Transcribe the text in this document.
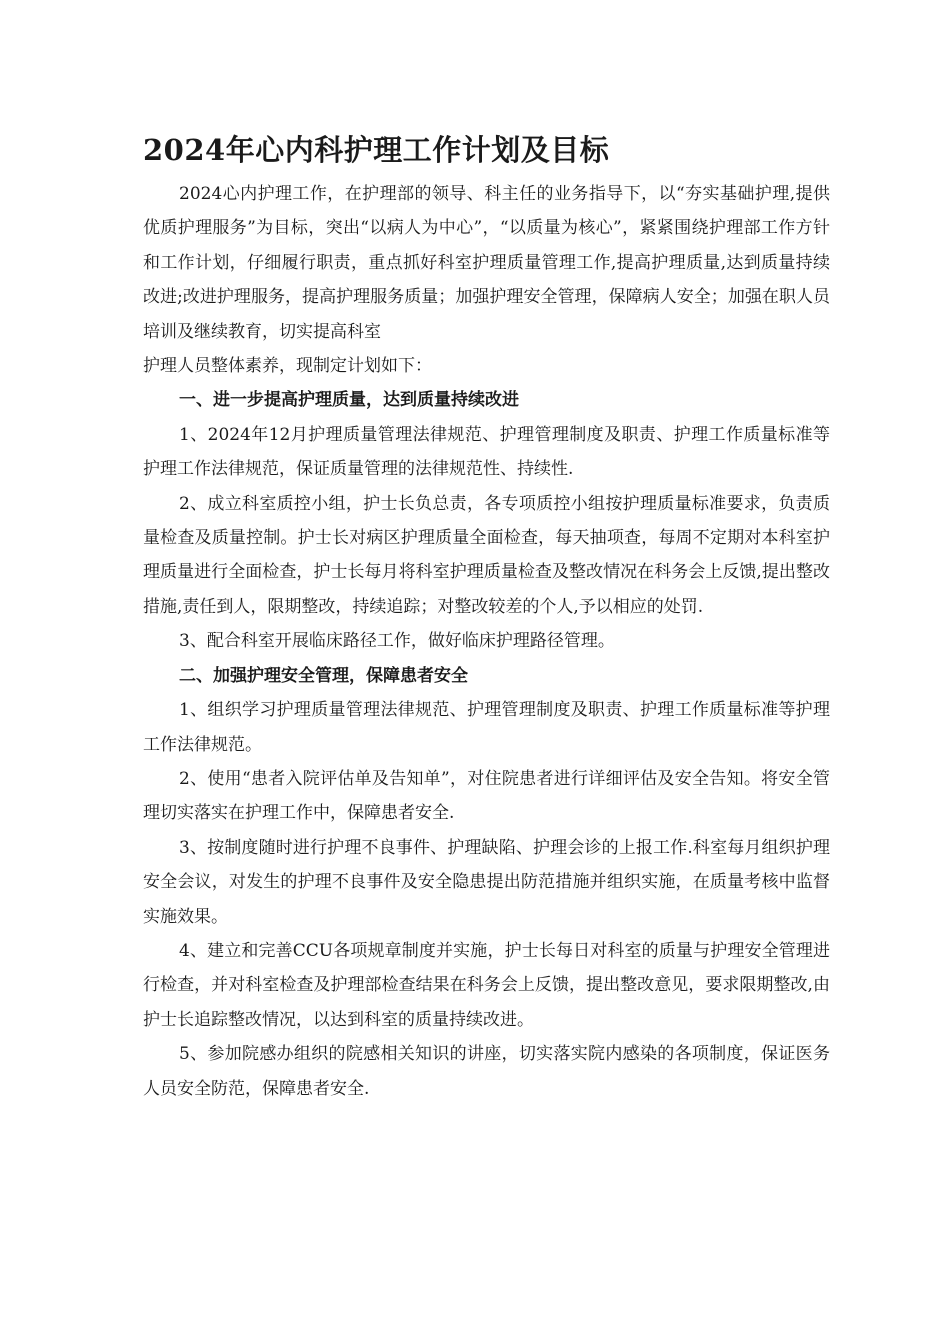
2024年心内科护理工作计划及目标

2024心内护理工作，在护理部的领导、科主任的业务指导下，以“夯实基础护理,提供优质护理服务”为目标，突出“以病人为中心”，“以质量为核心”，紧紧围绕护理部工作方针和工作计划，仔细履行职责，重点抓好科室护理质量管理工作,提高护理质量,达到质量持续改进;改进护理服务，提高护理服务质量；加强护理安全管理，保障病人安全；加强在职人员培训及继续教育，切实提高科室

护理人员整体素养，现制定计划如下：

一、进一步提高护理质量，达到质量持续改进

1、2024年12月护理质量管理法律规范、护理管理制度及职责、护理工作质量标准等护理工作法律规范，保证质量管理的法律规范性、持续性.

2、成立科室质控小组，护士长负总责，各专项质控小组按护理质量标准要求，负责质量检查及质量控制。护士长对病区护理质量全面检查，每天抽项查，每周不定期对本科室护理质量进行全面检查，护士长每月将科室护理质量检查及整改情况在科务会上反馈,提出整改措施,责任到人，限期整改，持续追踪；对整改较差的个人,予以相应的处罚.

3、配合科室开展临床路径工作，做好临床护理路径管理。

二、加强护理安全管理，保障患者安全

1、组织学习护理质量管理法律规范、护理管理制度及职责、护理工作质量标准等护理工作法律规范。

2、使用“患者入院评估单及告知单”，对住院患者进行详细评估及安全告知。将安全管理切实落实在护理工作中，保障患者安全.

3、按制度随时进行护理不良事件、护理缺陷、护理会诊的上报工作.科室每月组织护理安全会议，对发生的护理不良事件及安全隐患提出防范措施并组织实施，在质量考核中监督实施效果。

4、建立和完善CCU各项规章制度并实施，护士长每日对科室的质量与护理安全管理进行检查，并对科室检查及护理部检查结果在科务会上反馈，提出整改意见，要求限期整改,由护士长追踪整改情况，以达到科室的质量持续改进。

5、参加院感办组织的院感相关知识的讲座，切实落实院内感染的各项制度，保证医务人员安全防范，保障患者安全.
